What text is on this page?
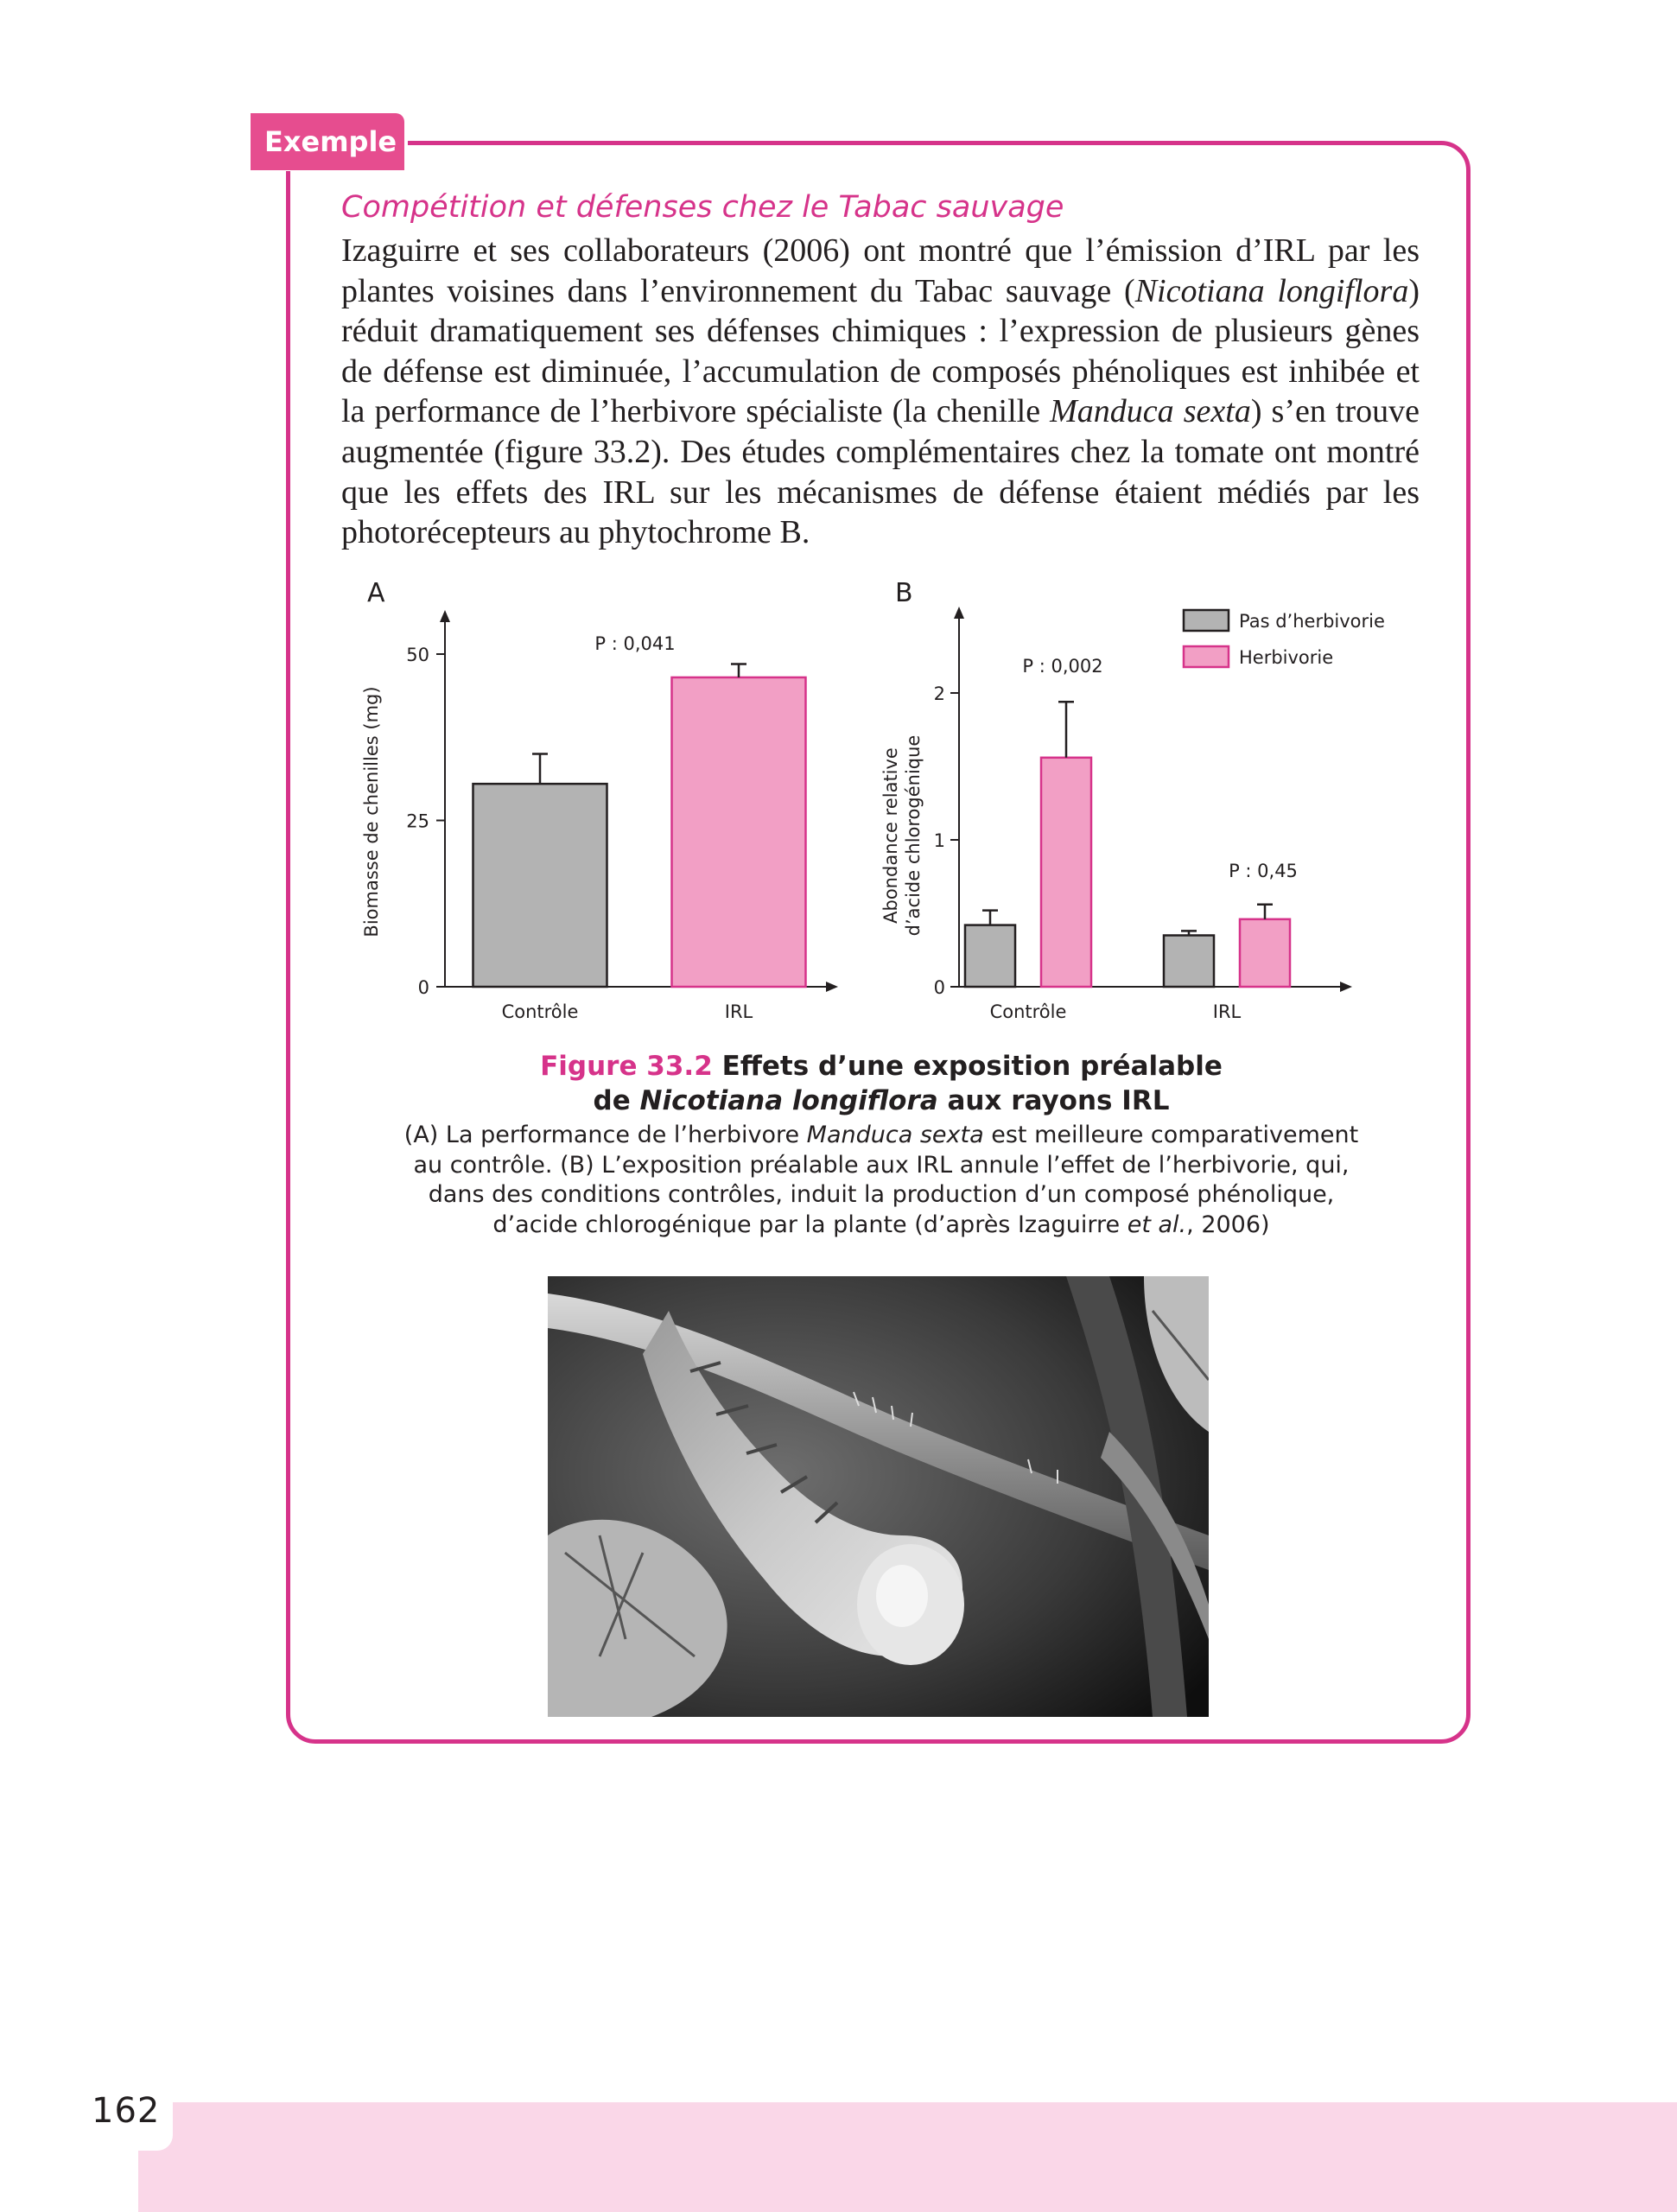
Exemple
Compétition et défenses chez le Tabac sauvage

Izaguirre et ses collaborateurs (2006) ont montré que l’émission d’IRL par les plantes voisines dans l’environnement du Tabac sauvage (Nicotiana longiflora) réduit dramatiquement ses défenses chimiques : l’expression de plusieurs gènes de défense est diminuée, l’accumulation de composés phénoliques est inhibée et la performance de l’herbivore spécialiste (la chenille Manduca sexta) s’en trouve augmentée (figure 33.2). Des études complémentaires chez la tomate ont montré que les effets des IRL sur les mécanismes de défense étaient médiés par les photorécepteurs au phytochrome B.

A
0
25
50
Biomasse de chenilles (mg)
Contrôle	IRL
P : 0,041
B
0
1
2
Abondance relative d’acide chlorogénique
Contrôle	IRL
P : 0,002
P : 0,45
Pas d’herbivorie
Herbivorie
Figure 33.2 Effets d’une exposition préalable
de Nicotiana longiflora aux rayons IRL
(A) La performance de l’herbivore Manduca sexta est meilleure comparativement
au contrôle. (B) L’exposition préalable aux IRL annule l’effet de l’herbivorie, qui,
dans des conditions contrôles, induit la production d’un composé phénolique,
d’acide chlorogénique par la plante (d’après Izaguirre et al., 2006)
162
